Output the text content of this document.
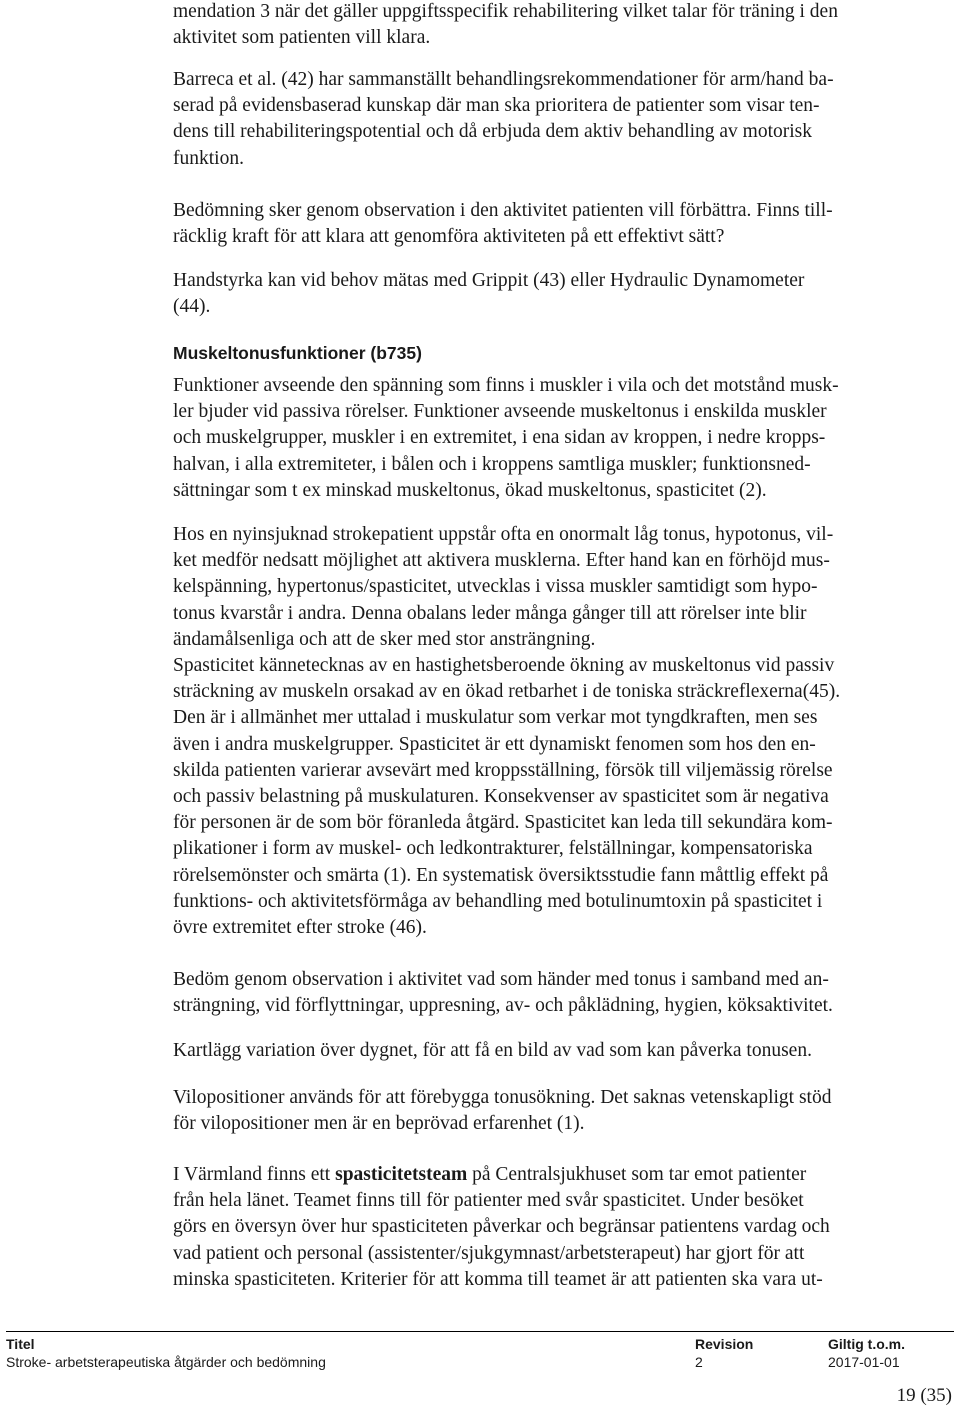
mendation 3 när det gäller uppgiftsspecifik rehabilitering vilket talar för träning i den
aktivitet som patienten vill klara.

Barreca et al. (42) har sammanställt behandlingsrekommendationer för arm/hand ba-
serad på evidensbaserad kunskap där man ska prioritera de patienter som visar ten-
dens till rehabiliteringspotential och då erbjuda dem aktiv behandling av motorisk
funktion.

Bedömning sker genom observation i den aktivitet patienten vill förbättra. Finns till-
räcklig kraft för att klara att genomföra aktiviteten på ett effektivt sätt?

Handstyrka kan vid behov mätas med Grippit (43) eller Hydraulic Dynamometer
(44).

Funktioner avseende den spänning som finns i muskler i vila och det motstånd musk-
ler bjuder vid passiva rörelser. Funktioner avseende muskeltonus i enskilda muskler
och muskelgrupper, muskler i en extremitet, i ena sidan av kroppen, i nedre kropps-
halvan, i alla extremiteter, i bålen och i kroppens samtliga muskler; funktionsned-
sättningar som t ex minskad muskeltonus, ökad muskeltonus, spasticitet (2).

Hos en nyinsjuknad strokepatient uppstår ofta en onormalt låg tonus, hypotonus, vil-
ket medför nedsatt möjlighet att aktivera musklerna. Efter hand kan en förhöjd mus-
kelspänning, hypertonus/spasticitet, utvecklas i vissa muskler samtidigt som hypo-
tonus kvarstår i andra. Denna obalans leder många gånger till att rörelser inte blir
ändamålsenliga och att de sker med stor ansträngning.
Spasticitet kännetecknas av en hastighetsberoende ökning av muskeltonus vid passiv
sträckning av muskeln orsakad av en ökad retbarhet i de toniska sträckreflexerna(45).
Den är i allmänhet mer uttalad i muskulatur som verkar mot tyngdkraften, men ses
även i andra muskelgrupper. Spasticitet är ett dynamiskt fenomen som hos den en-
skilda patienten varierar avsevärt med kroppsställning, försök till viljemässig rörelse
och passiv belastning på muskulaturen. Konsekvenser av spasticitet som är negativa
för personen är de som bör föranleda åtgärd. Spasticitet kan leda till sekundära kom-
plikationer i form av muskel- och ledkontrakturer, felställningar, kompensatoriska
rörelsemönster och smärta (1). En systematisk översiktsstudie fann måttlig effekt på
funktions- och aktivitetsförmåga av behandling med botulinumtoxin på spasticitet i
övre extremitet efter stroke (46).

Bedöm genom observation i aktivitet vad som händer med tonus i samband med an-
strängning, vid förflyttningar, uppresning, av- och påklädning, hygien, köksaktivitet.

Kartlägg variation över dygnet, för att få en bild av vad som kan påverka tonusen.

Vilopositioner används för att förebygga tonusökning. Det saknas vetenskapligt stöd
för vilopositioner men är en beprövad erfarenhet (1).

I Värmland finns ett spasticitetsteam på Centralsjukhuset som tar emot patienter
från hela länet. Teamet finns till för patienter med svår spasticitet. Under besöket
görs en översyn över hur spasticiteten påverkar och begränsar patientens vardag och
vad patient och personal (assistenter/sjukgymnast/arbetsterapeut) har gjort för att
minska spasticiteten. Kriterier för att komma till teamet är att patienten ska vara ut-

Muskeltonusfunktioner (b735)
Titel
Stroke- arbetsterapeutiska åtgärder och bedömning
Revision
2
Giltig t.o.m.
2017-01-01
19 (35)
